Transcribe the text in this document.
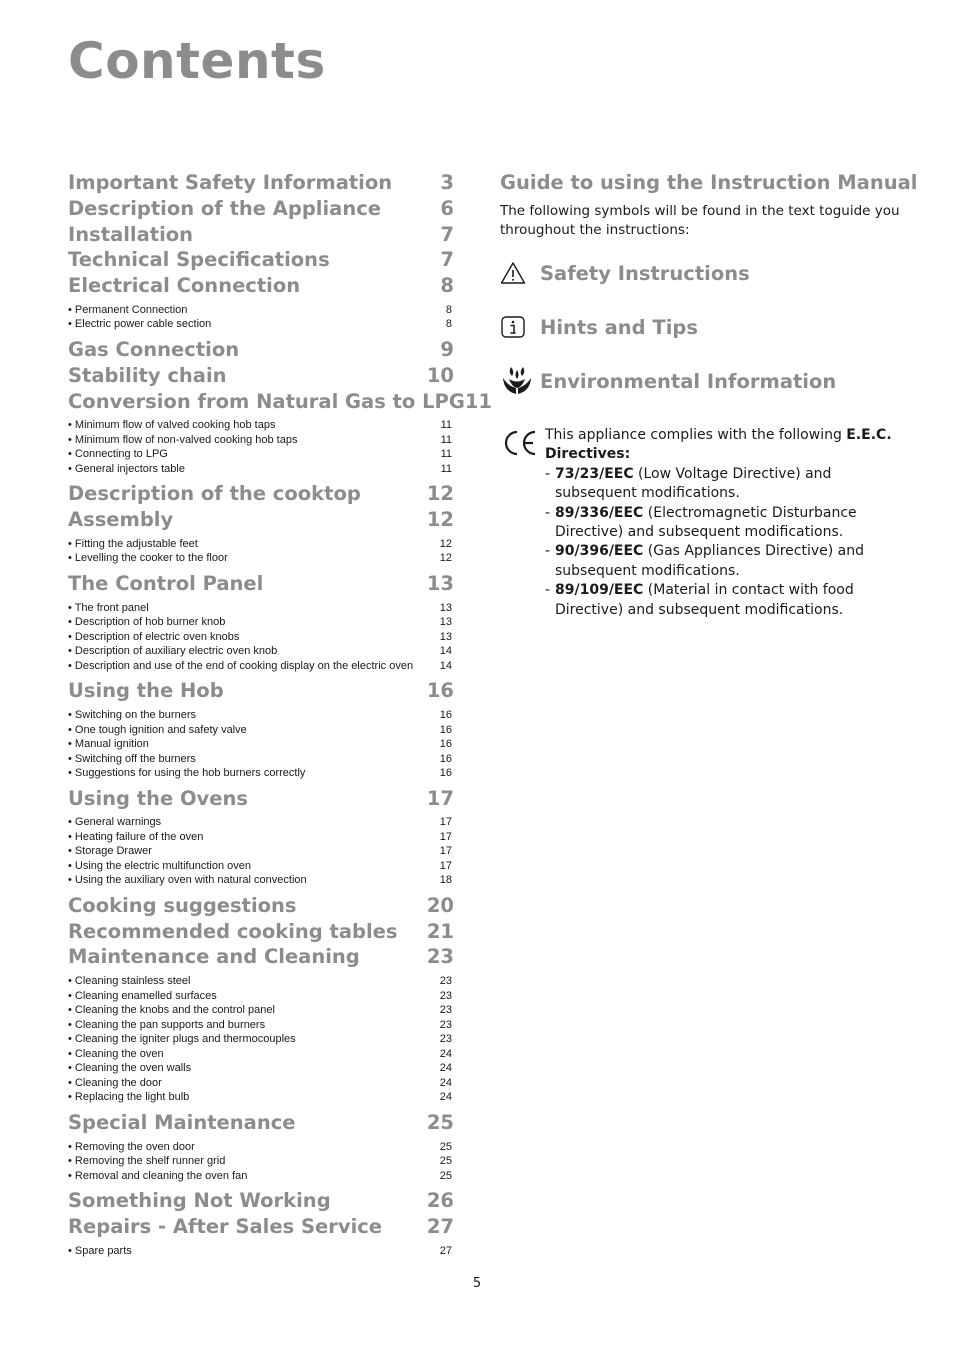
Contents
Important Safety Information 3
Description of the Appliance	6
Installation	7
Technical Specifications	7
Electrical Connection	8
• Permanent Connection	8
• Electric power cable section	8
Gas Connection	9
Stability chain	10
Conversion from Natural Gas to LPG 11
• Minimum flow of valved cooking hob taps	11
• Minimum flow of non-valved cooking hob taps	11
• Connecting to LPG	11
• General injectors table	11
Description of the cooktop	12
Assembly	12
• Fitting the adjustable feet	12
• Levelling the cooker to the floor	12
The Control Panel	13
• The front panel	13
• Description of hob burner knob	13
• Description of electric oven knobs	13
• Description of auxiliary electric oven knob	14
• Description and use of the end of cooking display on the electric oven 14
Using the Hob	16
• Switching on the burners	16
• One tough ignition and safety valve	16
• Manual ignition	16
• Switching off the burners	16
• Suggestions for using the hob burners correctly	16
Using the Ovens	17
• General warnings	17
• Heating failure of the oven	17
• Storage Drawer	17
• Using the electric multifunction oven	17
• Using the auxiliary oven with natural convection	18
Cooking suggestions	20
Recommended cooking tables 21
Maintenance and Cleaning	23
• Cleaning stainless steel	23
• Cleaning enamelled surfaces	23
• Cleaning the knobs and the control panel	23
• Cleaning the pan supports and burners	23
• Cleaning the igniter plugs and thermocouples	23
• Cleaning the oven	24
• Cleaning the oven walls	24
• Cleaning the door	24
• Replacing the light bulb	24
Special Maintenance	25
• Removing the oven door	25
• Removing the shelf runner grid	25
• Removal and cleaning the oven fan	25
Something Not Working	26
Repairs - After Sales Service 27
• Spare parts	27
Guide to using the Instruction Manual

The following symbols will be found in the text toguide you throughout the instructions:

Safety Instructions
Hints and Tips
Environmental Information
This appliance complies with the following E.E.C. Directives:
- 73/23/EEC (Low Voltage Directive) and subsequent modifications.
- 89/336/EEC (Electromagnetic Disturbance Directive) and subsequent modifications.
- 90/396/EEC (Gas Appliances Directive) and subsequent modifications.
- 89/109/EEC (Material in contact with food Directive) and subsequent modifications.
5
